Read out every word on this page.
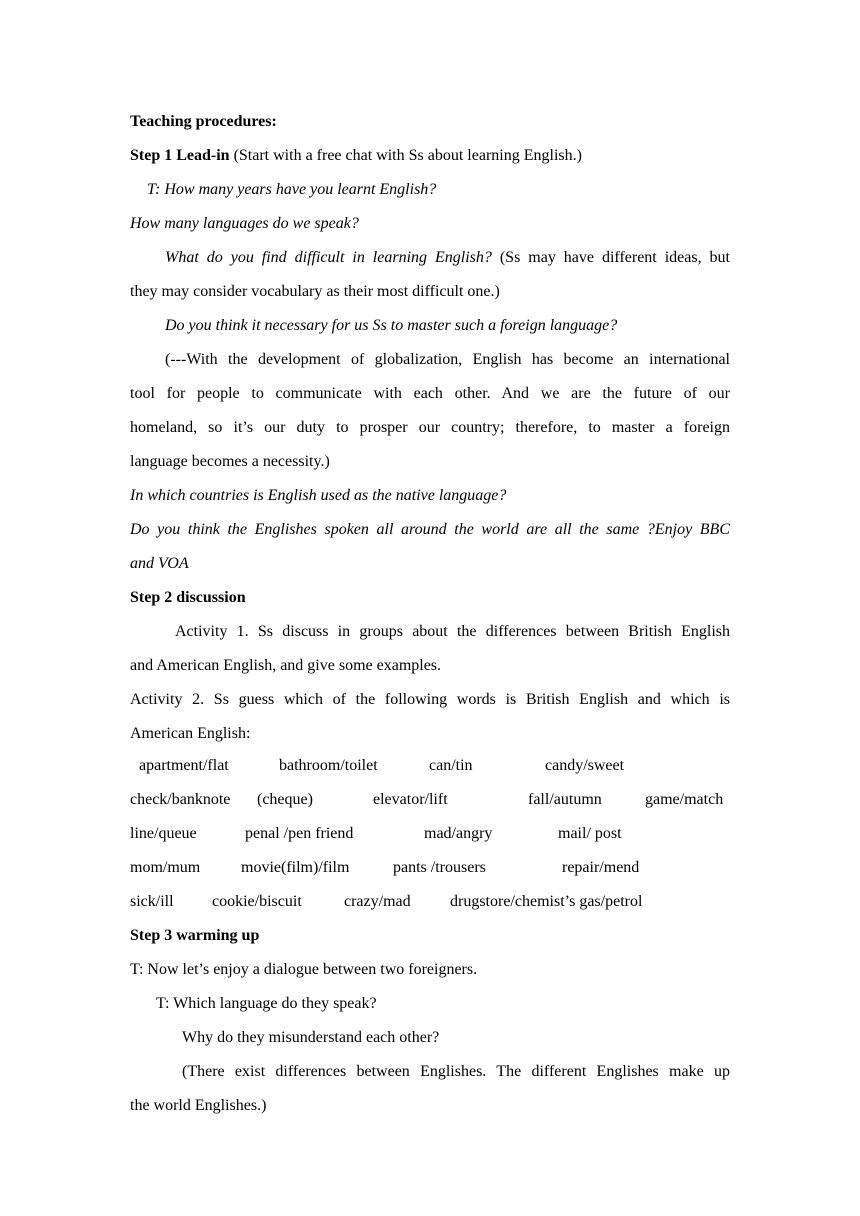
Teaching procedures:
Step 1 Lead-in (Start with a free chat with Ss about learning English.)
T: How many years have you learnt English?
How many languages do we speak?
What do you find difficult in learning English? (Ss may have different ideas, but
they may consider vocabulary as their most difficult one.)
Do you think it necessary for us Ss to master such a foreign language?
(---With the development of globalization, English has become an international
tool for people to communicate with each other. And we are the future of our
homeland, so it’s our duty to prosper our country; therefore, to master a foreign
language becomes a necessity.)
In which countries is English used as the native language?
Do you think the Englishes spoken all around the world are all the same ?Enjoy BBC
and VOA
Step 2 discussion
Activity 1. Ss discuss in groups about the differences between British English
and American English, and give some examples.
Activity 2. Ss guess which of the following words is British English and which is
American English:
apartment/flat	bathroom/toilet	can/tin	candy/sweet
check/banknote (cheque)	elevator/lift	fall/autumn	game/match
line/queue	penal /pen friend	mad/angry	mail/ post
mom/mum	movie(film)/film	pants /trousers	repair/mend
sick/ill cookie/biscuit	crazy/mad drugstore/chemist’s gas/petrol
Step 3 warming up
T: Now let’s enjoy a dialogue between two foreigners.
T: Which language do they speak?
Why do they misunderstand each other?
(There exist differences between Englishes. The different Englishes make up
the world Englishes.)
